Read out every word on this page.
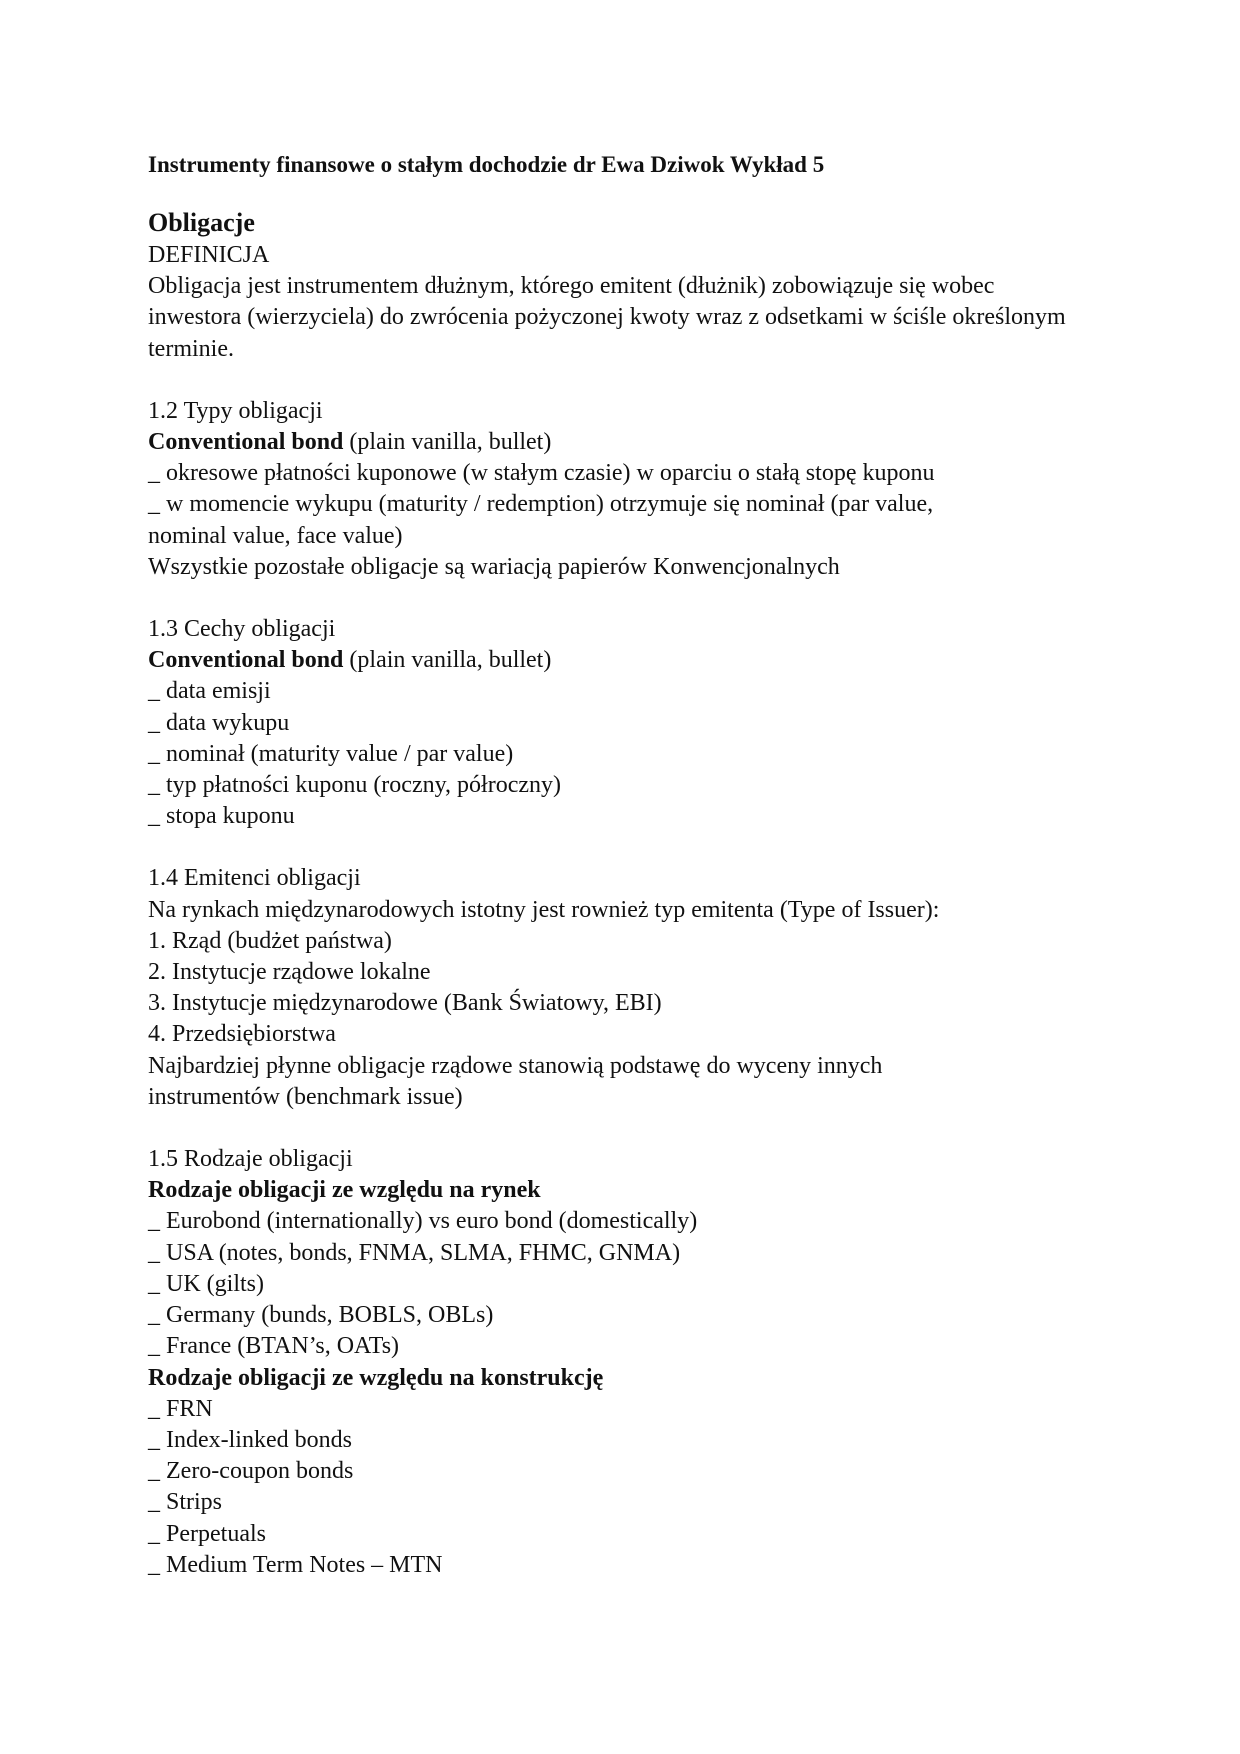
Instrumenty finansowe o stałym dochodzie dr Ewa Dziwok Wykład 5
Obligacje
DEFINICJA
Obligacja jest instrumentem dłużnym, którego emitent (dłużnik) zobowiązuje się wobec inwestora (wierzyciela) do zwrócenia pożyczonej kwoty wraz z odsetkami w ściśle określonym terminie.
1.2 Typy obligacji
Conventional bond (plain vanilla, bullet)
_ okresowe płatności kuponowe (w stałym czasie) w oparciu o stałą stopę kuponu
_ w momencie wykupu (maturity / redemption) otrzymuje się nominał (par value,
nominal value, face value)
Wszystkie pozostałe obligacje są wariacją papierów Konwencjonalnych
1.3 Cechy obligacji
Conventional bond (plain vanilla, bullet)
_ data emisji
_ data wykupu
_ nominał (maturity value / par value)
_ typ płatności kuponu (roczny, półroczny)
_ stopa kuponu
1.4 Emitenci obligacji
Na rynkach międzynarodowych istotny jest rownież typ emitenta (Type of Issuer):
1. Rząd (budżet państwa)
2. Instytucje rządowe lokalne
3. Instytucje międzynarodowe (Bank Światowy, EBI)
4. Przedsiębiorstwa
Najbardziej płynne obligacje rządowe stanowią podstawę do wyceny innych
instrumentów (benchmark issue)
1.5 Rodzaje obligacji
Rodzaje obligacji ze względu na rynek
_ Eurobond (internationally) vs euro bond (domestically)
_ USA (notes, bonds, FNMA, SLMA, FHMC, GNMA)
_ UK (gilts)
_ Germany (bunds, BOBLS, OBLs)
_ France (BTAN’s, OATs)
Rodzaje obligacji ze względu na konstrukcję
_ FRN
_ Index-linked bonds
_ Zero-coupon bonds
_ Strips
_ Perpetuals
_ Medium Term Notes – MTN
